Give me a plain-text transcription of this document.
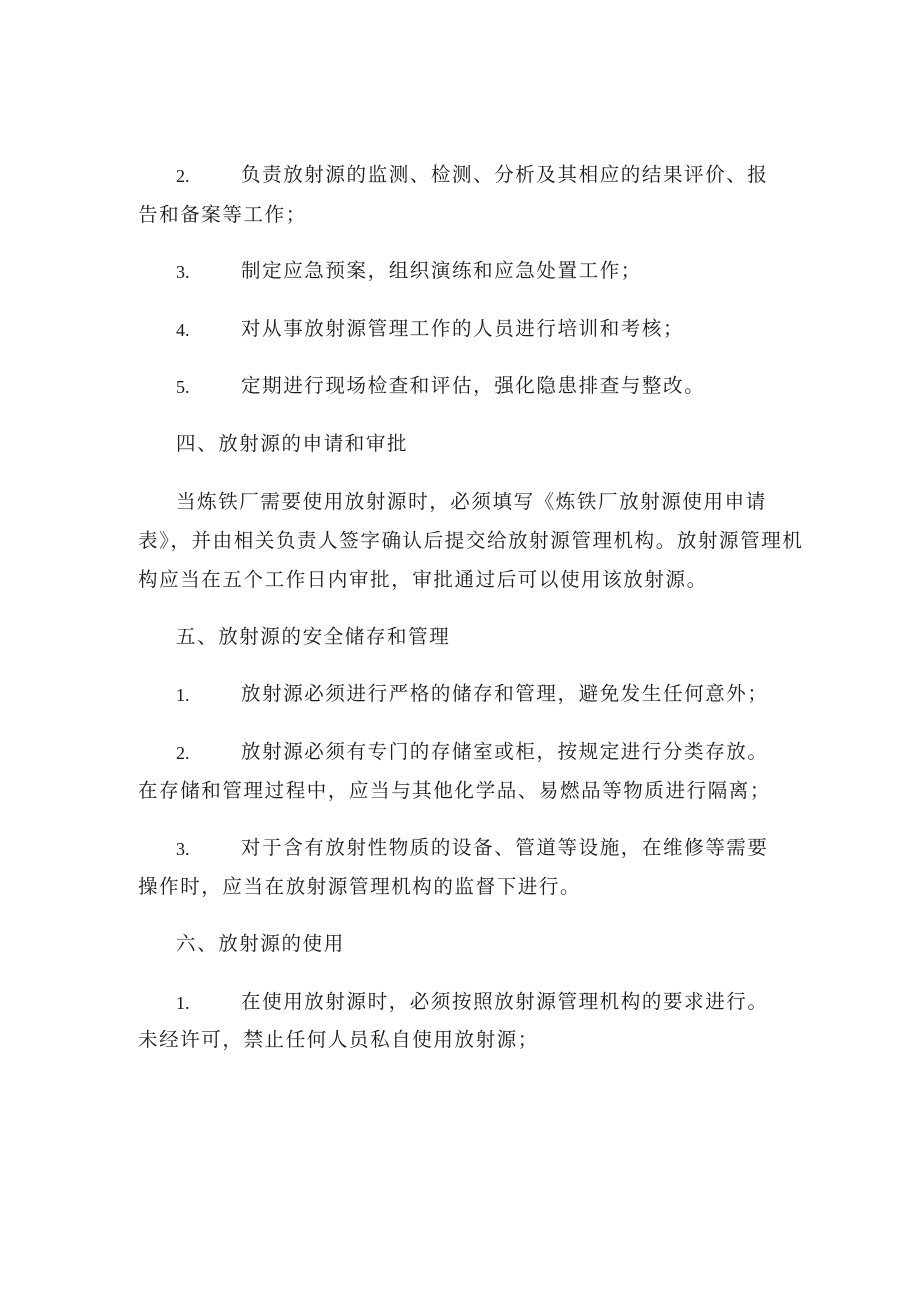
2.	负责放射源的监测、检测、分析及其相应的结果评价、报
告和备案等工作；
3.	制定应急预案，组织演练和应急处置工作；
4.	对从事放射源管理工作的人员进行培训和考核；
5.	定期进行现场检查和评估，强化隐患排查与整改。
四、放射源的申请和审批
当炼铁厂需要使用放射源时，必须填写《炼铁厂放射源使用申请
表》，并由相关负责人签字确认后提交给放射源管理机构。放射源管理机
构应当在五个工作日内审批，审批通过后可以使用该放射源。
五、放射源的安全储存和管理
1.	放射源必须进行严格的储存和管理，避免发生任何意外；
2.	放射源必须有专门的存储室或柜，按规定进行分类存放。
在存储和管理过程中，应当与其他化学品、易燃品等物质进行隔离；
3.	对于含有放射性物质的设备、管道等设施，在维修等需要
操作时，应当在放射源管理机构的监督下进行。
六、放射源的使用
1.	在使用放射源时，必须按照放射源管理机构的要求进行。
未经许可，禁止任何人员私自使用放射源；
